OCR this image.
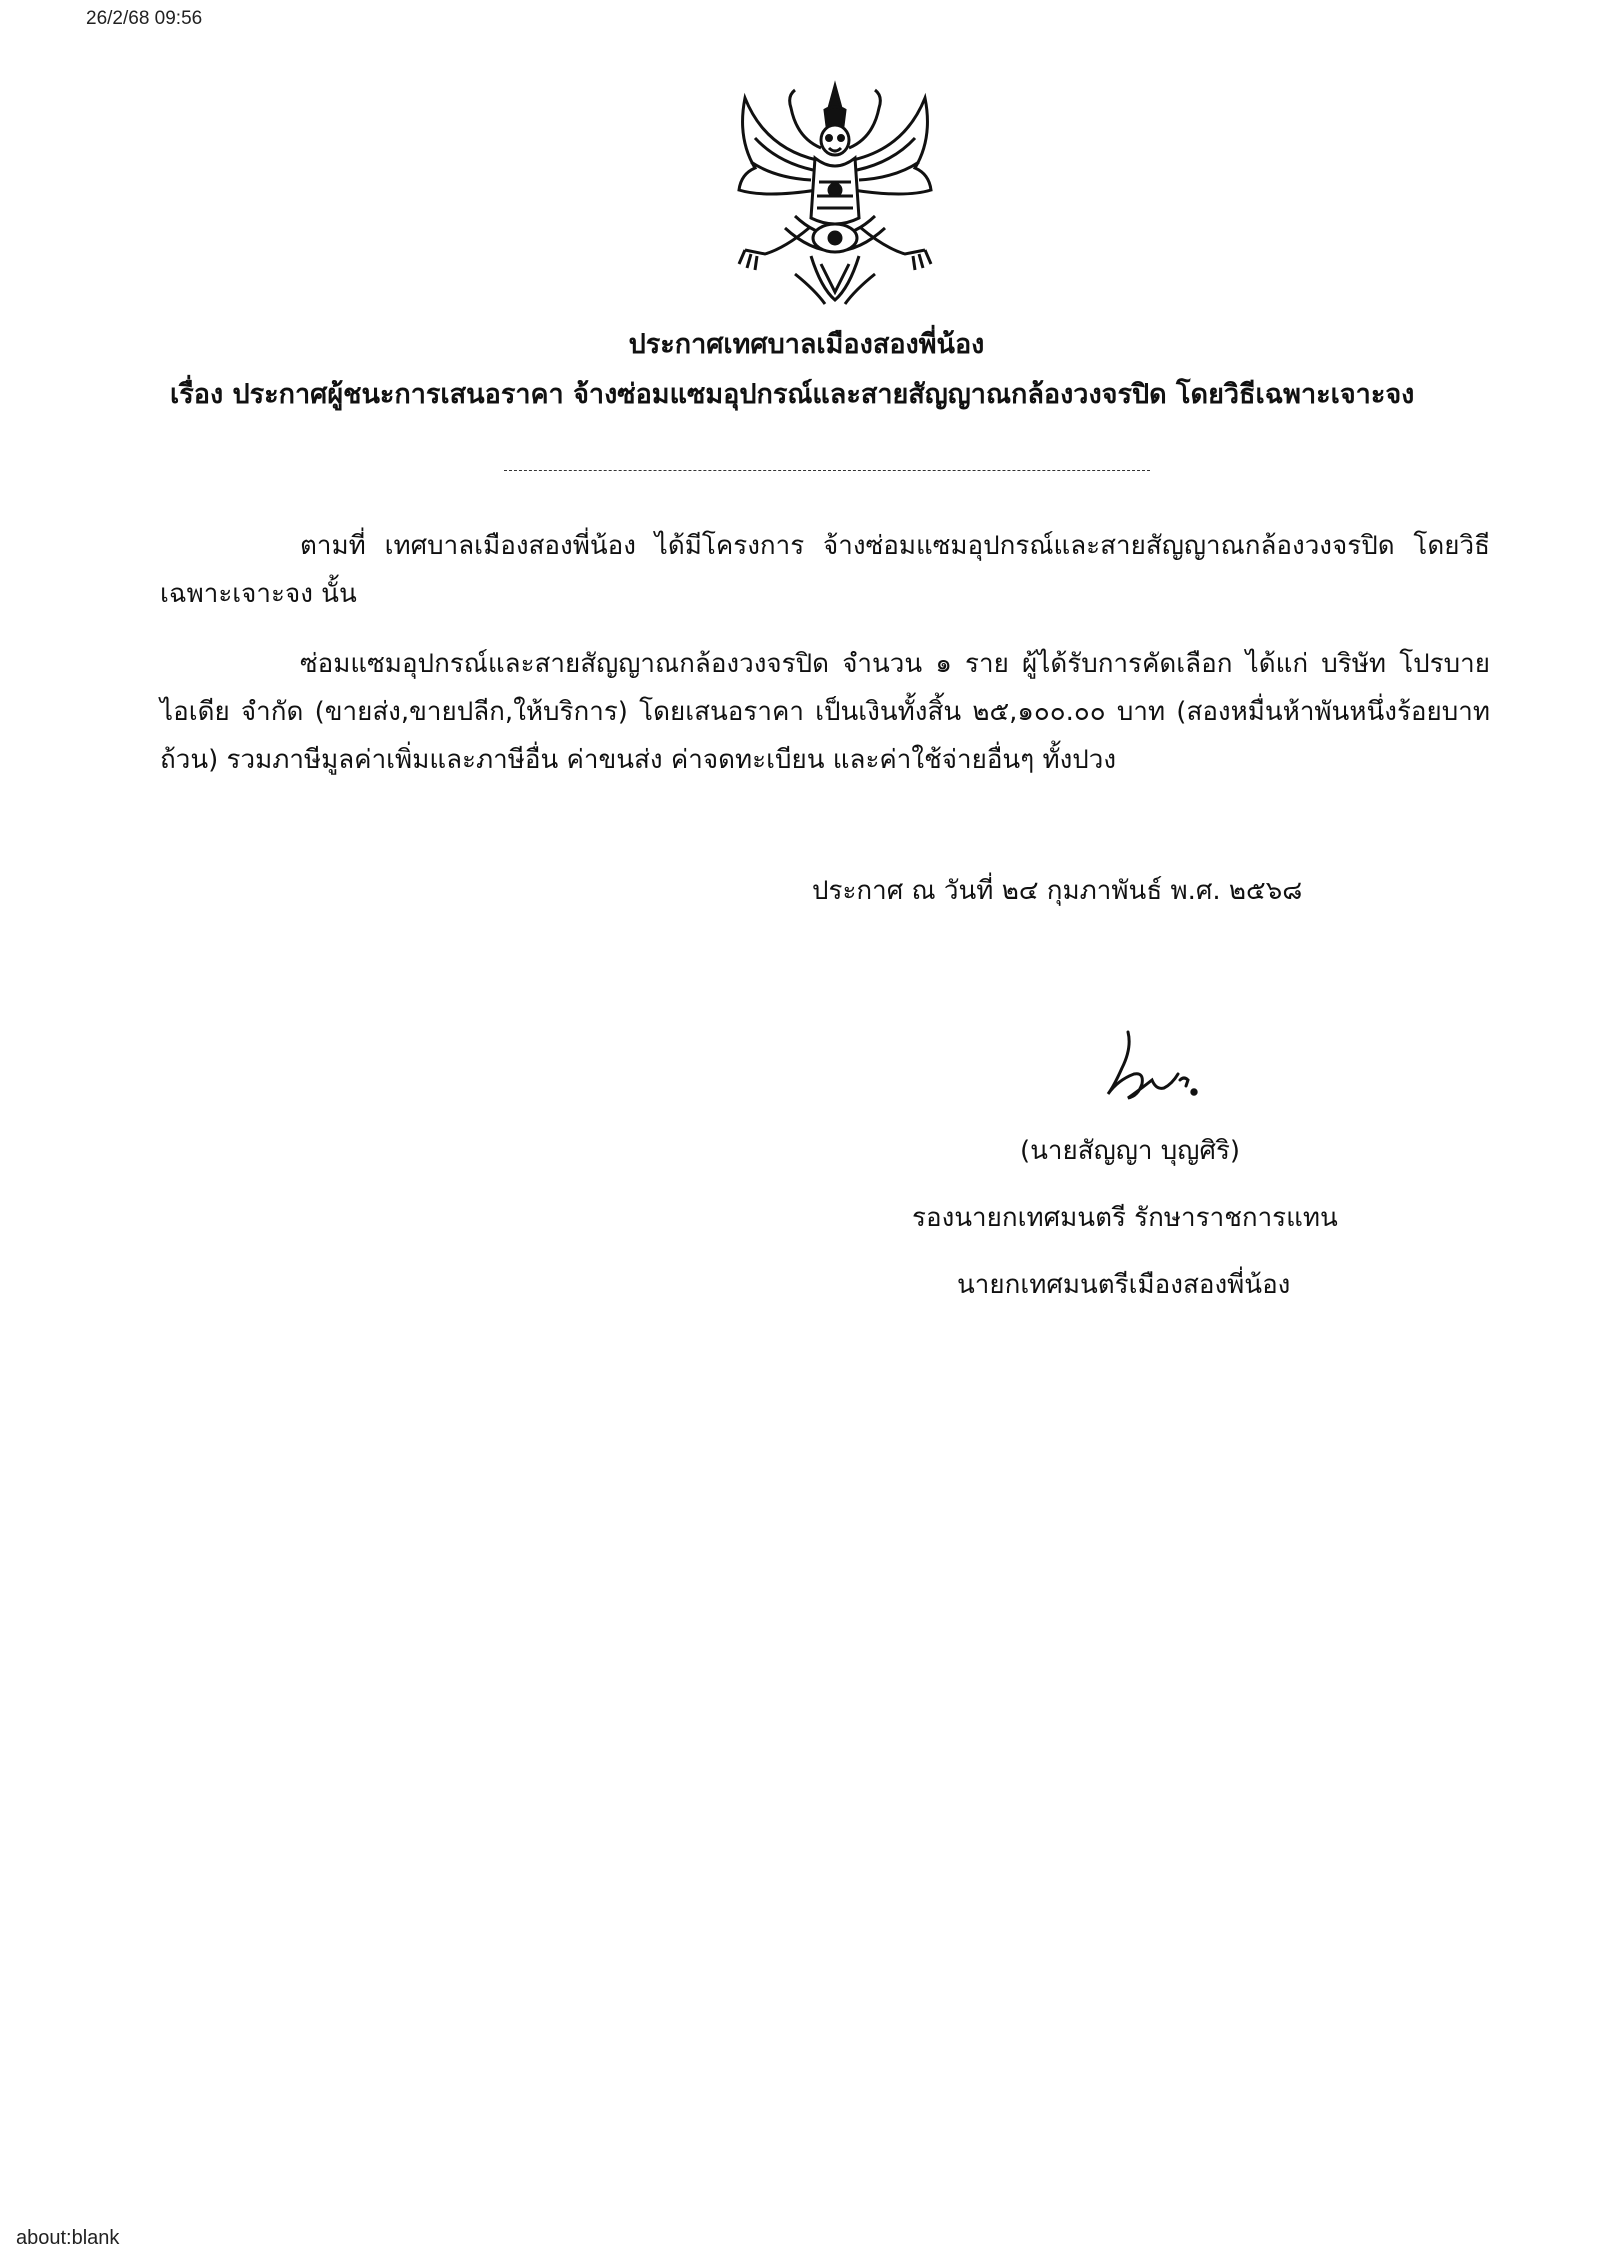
26/2/68 09:56
ประกาศเทศบาลเมืองสองพี่น้อง
เรื่อง ประกาศผู้ชนะการเสนอราคา จ้างซ่อมแซมอุปกรณ์และสายสัญญาณกล้องวงจรปิด โดยวิธีเฉพาะเจาะจง
ตามที่ เทศบาลเมืองสองพี่น้อง ได้มีโครงการ จ้างซ่อมแซมอุปกรณ์และสายสัญญาณกล้องวงจรปิด โดยวิธีเฉพาะเจาะจง นั้น
ซ่อมแซมอุปกรณ์และสายสัญญาณกล้องวงจรปิด จำนวน ๑ ราย ผู้ได้รับการคัดเลือก ได้แก่ บริษัท โปรบาย ไอเดีย จำกัด (ขายส่ง,ขายปลีก,ให้บริการ) โดยเสนอราคา เป็นเงินทั้งสิ้น ๒๕,๑๐๐.๐๐ บาท (สองหมื่นห้าพันหนึ่งร้อยบาทถ้วน) รวมภาษีมูลค่าเพิ่มและภาษีอื่น ค่าขนส่ง ค่าจดทะเบียน และค่าใช้จ่ายอื่นๆ ทั้งปวง
ประกาศ ณ วันที่ ๒๔ กุมภาพันธ์ พ.ศ. ๒๕๖๘
(นายสัญญา บุญศิริ)
รองนายกเทศมนตรี รักษาราชการแทน
นายกเทศมนตรีเมืองสองพี่น้อง
about:blank
